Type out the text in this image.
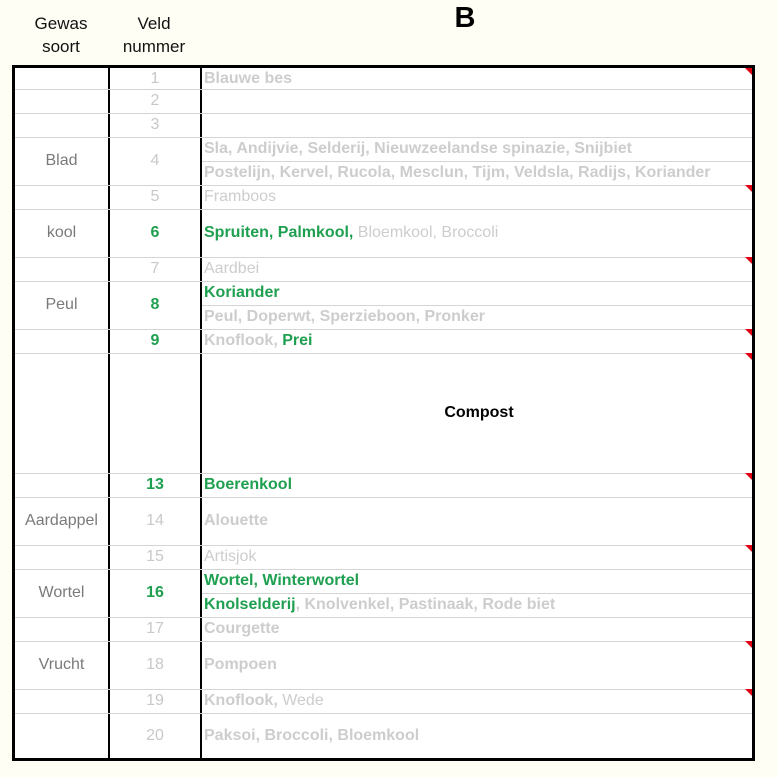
Gewas
soort
Veld
nummer
B
Blad
kool
Peul
Aardappel
Wortel
Vrucht
1
2
3
4
5
6
7
8
9
13
14
15
16
17
18
19
20
Blauwe bes
Sla, Andijvie, Selderij, Nieuwzeelandse spinazie, Snijbiet
Postelijn, Kervel, Rucola, Mesclun, Tijm, Veldsla, Radijs, Koriander
Framboos
Spruiten, Palmkool, Bloemkool, Broccoli
Aardbei
Koriander
Peul, Doperwt, Sperzieboon, Pronker
Knoflook, Prei
Compost
Boerenkool
Alouette
Artisjok
Wortel, Winterwortel
Knolselderij , Knolvenkel, Pastinaak, Rode biet
Courgette
Pompoen
Knoflook, Wede
Paksoi, Broccoli, Bloemkool
